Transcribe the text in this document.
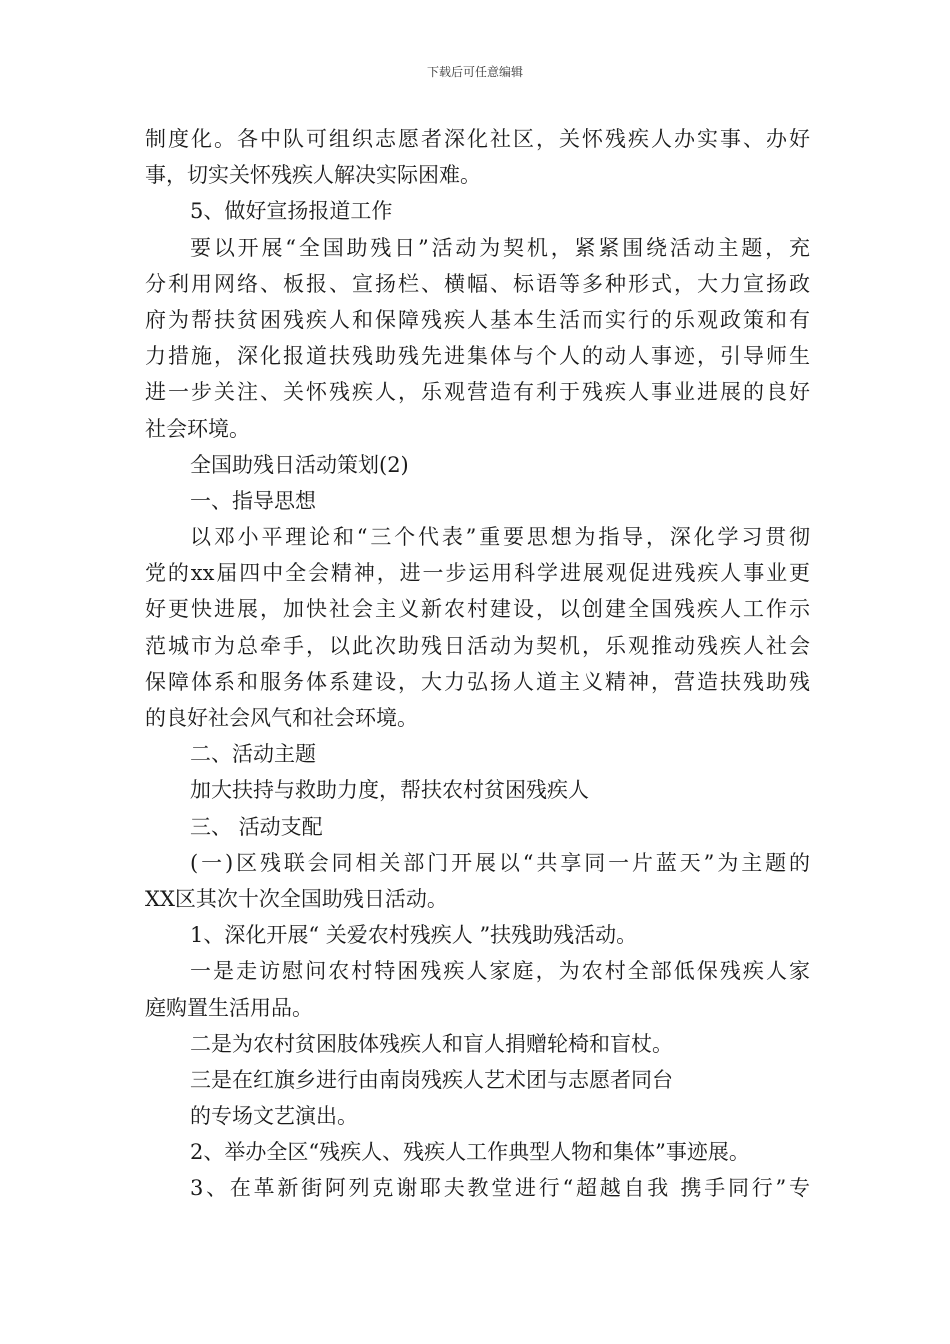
下载后可任意编辑
制度化。各中队可组织志愿者深化社区，关怀残疾人办实事、办好
事，切实关怀残疾人解决实际困难。
5、做好宣扬报道工作
要以开展“全国助残日”活动为契机，紧紧围绕活动主题，充
分利用网络、板报、宣扬栏、横幅、标语等多种形式，大力宣扬政
府为帮扶贫困残疾人和保障残疾人基本生活而实行的乐观政策和有
力措施，深化报道扶残助残先进集体与个人的动人事迹，引导师生
进一步关注、关怀残疾人，乐观营造有利于残疾人事业进展的良好
社会环境。
全国助残日活动策划(2)
一、指导思想
以邓小平理论和“三个代表”重要思想为指导，深化学习贯彻
党的xx届四中全会精神，进一步运用科学进展观促进残疾人事业更
好更快进展，加快社会主义新农村建设，以创建全国残疾人工作示
范城市为总牵手，以此次助残日活动为契机，乐观推动残疾人社会
保障体系和服务体系建设，大力弘扬人道主义精神，营造扶残助残
的良好社会风气和社会环境。
二、活动主题
加大扶持与救助力度，帮扶农村贫困残疾人
三、 活动支配
(一)区残联会同相关部门开展以“共享同一片蓝天”为主题的
XX区其次十次全国助残日活动。
1、深化开展“ 关爱农村残疾人 ”扶残助残活动。
一是走访慰问农村特困残疾人家庭，为农村全部低保残疾人家
庭购置生活用品。
二是为农村贫困肢体残疾人和盲人捐赠轮椅和盲杖。
三是在红旗乡进行由南岗残疾人艺术团与志愿者同台
的专场文艺演出。
2、举办全区“残疾人、残疾人工作典型人物和集体”事迹展。
3、在革新街阿列克谢耶夫教堂进行“超越自我 携手同行”专
